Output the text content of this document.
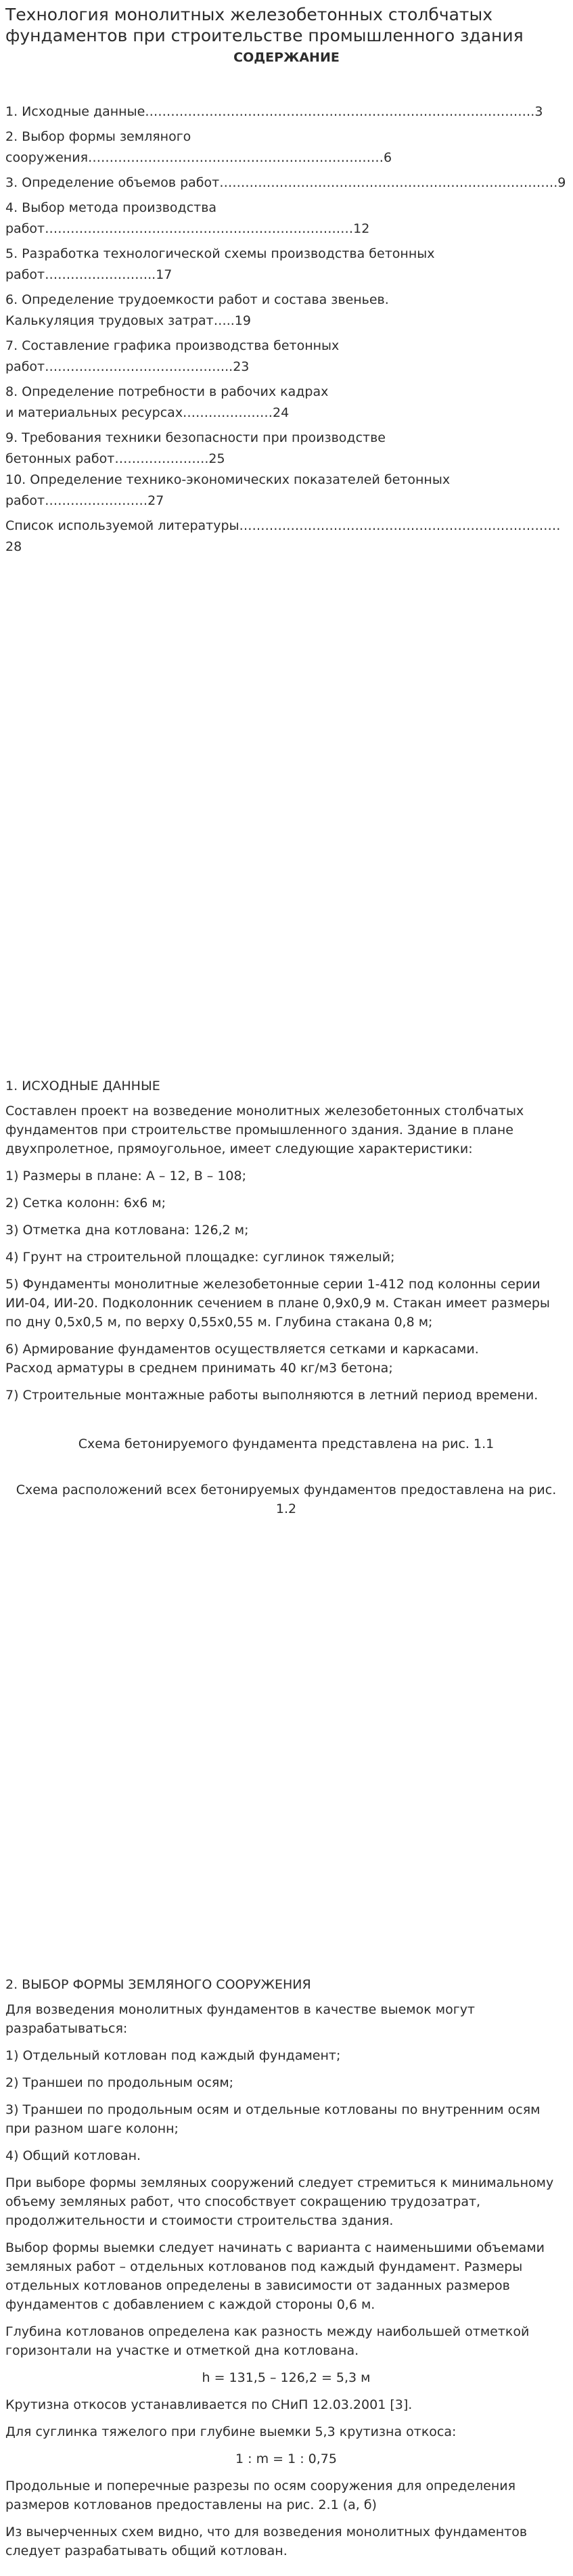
Технология монолитных железобетонных столбчатых фундаментов при строительстве промышленного здания
СОДЕРЖАНИЕ
1. Исходные данные……………………………………………………………………………….3
2. Выбор формы земляного сооружения……………………………………………………………6
3. Определение объемов работ…………………………………………………………………….9
4. Выбор метода производства работ………………………………………………………………12
5. Разработка технологической схемы производства бетонных
работ……………………..17
6. Определение трудоемкости работ и состава звеньев.
Калькуляция трудовых затрат…..19
7. Составление графика производства бетонных
работ……………………………………..23
8. Определение потребности в рабочих кадрах
и материальных ресурсах…………………24
9. Требования техники безопасности при производстве
бетонных работ………………….25
10. Определение технико-экономических показателей бетонных
работ……………………27
Список используемой литературы…………………………………………………………………28
1. ИСХОДНЫЕ ДАННЫЕ

Составлен проект на возведение монолитных железобетонных столбчатых фундаментов при строительстве промышленного здания. Здание в плане двухпролетное, прямоугольное, имеет следующие характеристики:

1) Размеры в плане: А – 12, В – 108;

2) Сетка колонн: 6х6 м;

3) Отметка дна котлована: 126,2 м;

4) Грунт на строительной площадке: суглинок тяжелый;

5) Фундаменты монолитные железобетонные серии 1-412 под колонны серии ИИ-04, ИИ-20. Подколонник сечением в плане 0,9х0,9 м. Стакан имеет размеры по дну 0,5х0,5 м, по верху 0,55х0,55 м. Глубина стакана 0,8 м;

6) Армирование фундаментов осуществляется сетками и каркасами.
Расход арматуры в среднем принимать 40 кг/м3 бетона;

7) Строительные монтажные работы выполняются в летний период времени.

Схема бетонируемого фундамента представлена на рис. 1.1

Схема расположений всех бетонируемых фундаментов предоставлена на рис. 1.2

2. ВЫБОР ФОРМЫ ЗЕМЛЯНОГО СООРУЖЕНИЯ

Для возведения монолитных фундаментов в качестве выемок могут разрабатываться:

1) Отдельный котлован под каждый фундамент;

2) Траншеи по продольным осям;

3) Траншеи по продольным осям и отдельные котлованы по внутренним осям при разном шаге колонн;

4) Общий котлован.

При выборе формы земляных сооружений следует стремиться к минимальному объему земляных работ, что способствует сокращению трудозатрат, продолжительности и стоимости строительства здания.

Выбор формы выемки следует начинать с варианта с наименьшими объемами земляных работ – отдельных котлованов под каждый фундамент. Размеры отдельных котлованов определены в зависимости от заданных размеров фундаментов с добавлением с каждой стороны 0,6 м.

Глубина котлованов определена как разность между наибольшей отметкой горизонтали на участке и отметкой дна котлована.

h = 131,5 – 126,2 = 5,3 м

Крутизна откосов устанавливается по СНиП 12.03.2001 [3].

Для суглинка тяжелого при глубине выемки 5,3 крутизна откоса:

1 : m = 1 : 0,75

Продольные и поперечные разрезы по осям сооружения для определения размеров котлованов предоставлены на рис. 2.1 (а, б)

Из вычерченных схем видно, что для возведения монолитных фундаментов следует разрабатывать общий котлован.
